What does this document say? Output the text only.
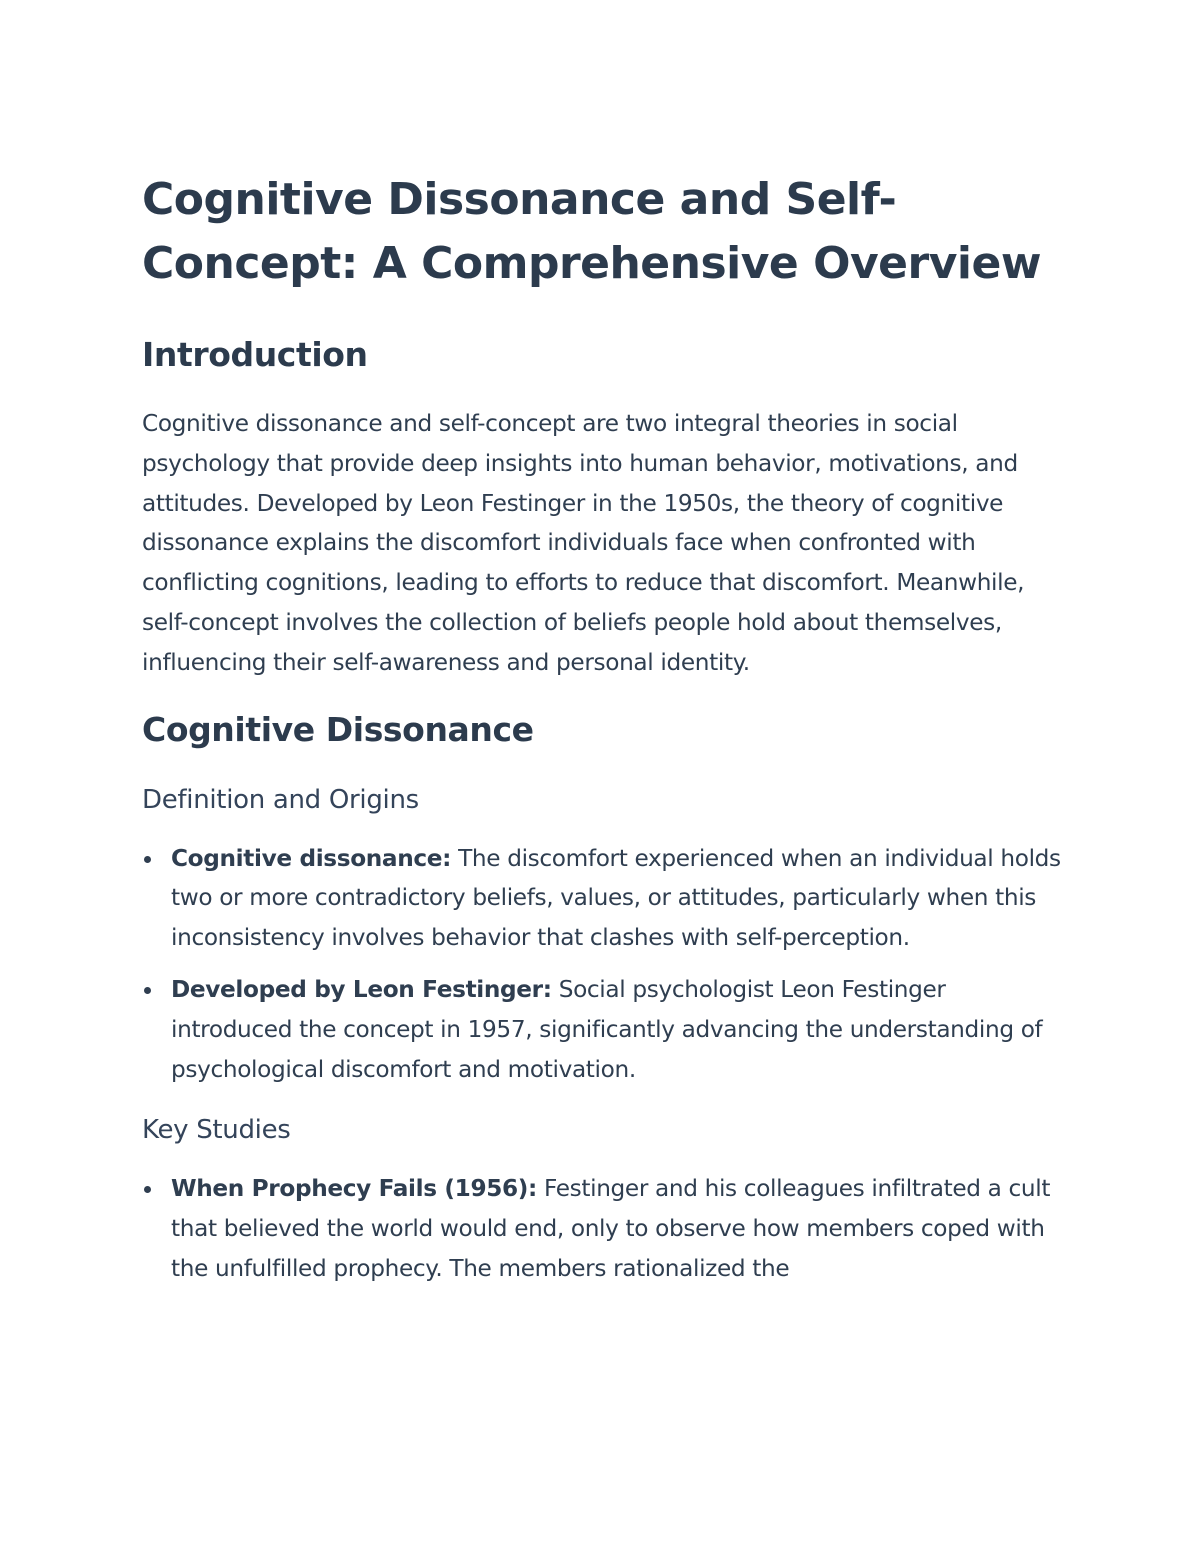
Cognitive Dissonance and Self-Concept: A Comprehensive Overview
Introduction

Cognitive dissonance and self-concept are two integral theories in social psychology that provide deep insights into human behavior, motivations, and attitudes. Developed by Leon Festinger in the 1950s, the theory of cognitive dissonance explains the discomfort individuals face when confronted with conflicting cognitions, leading to efforts to reduce that discomfort. Meanwhile, self-concept involves the collection of beliefs people hold about themselves, influencing their self-awareness and personal identity.

Cognitive Dissonance
Definition and Origins
Cognitive dissonance: The discomfort experienced when an individual holds two or more contradictory beliefs, values, or attitudes, particularly when this inconsistency involves behavior that clashes with self-perception.
Developed by Leon Festinger: Social psychologist Leon Festinger introduced the concept in 1957, significantly advancing the understanding of psychological discomfort and motivation.
Key Studies
When Prophecy Fails (1956): Festinger and his colleagues infiltrated a cult that believed the world would end, only to observe how members coped with the unfulfilled prophecy. The members rationalized the
